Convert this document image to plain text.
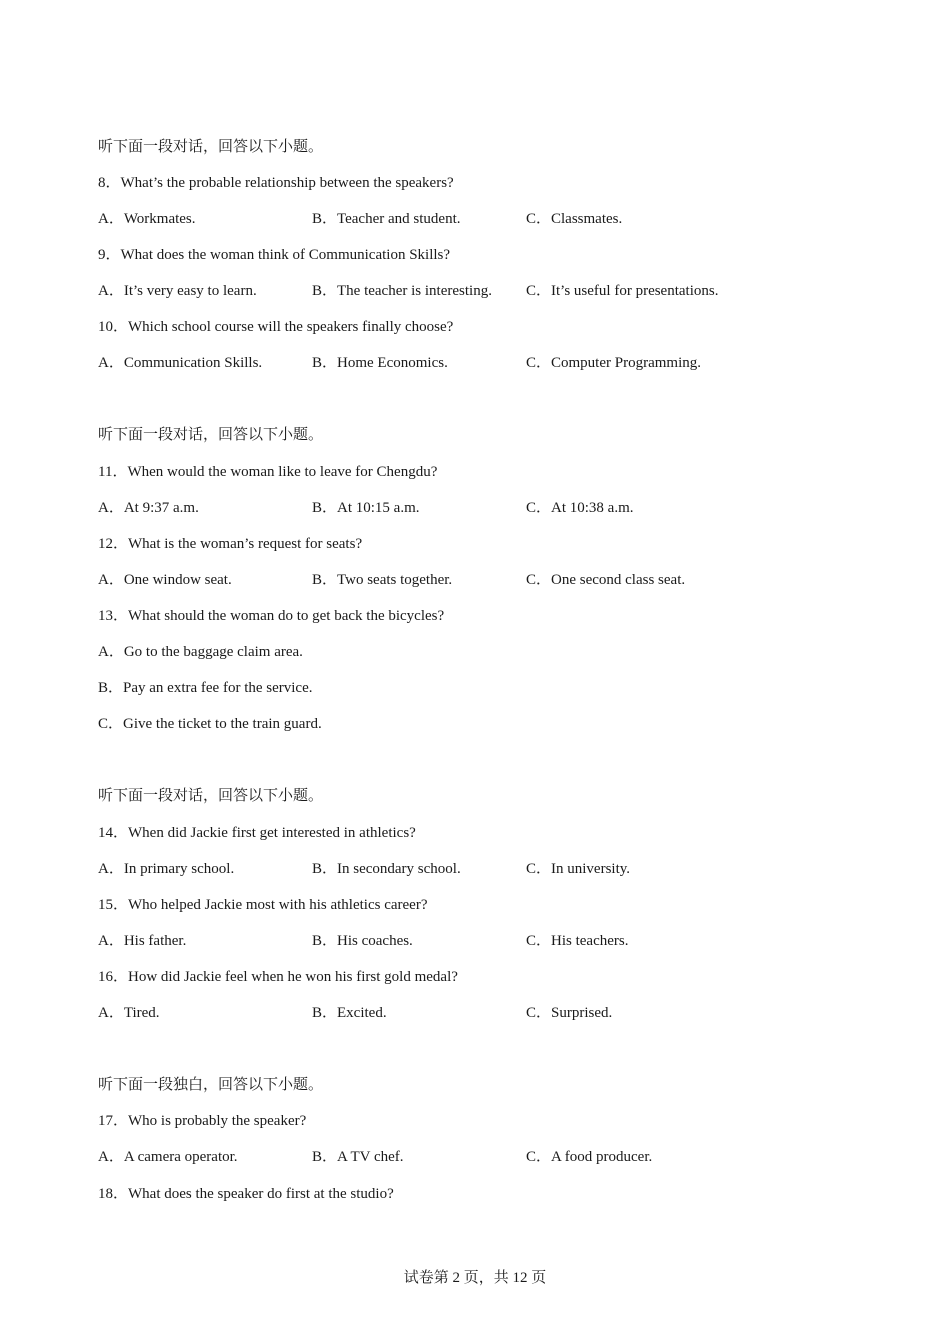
听下面一段对话，回答以下小题。
8．What’s the probable relationship between the speakers?
A．Workmates.	B．Teacher and student.	C．Classmates.
9．What does the woman think of Communication Skills?
A．It’s very easy to learn.	B．The teacher is interesting. C．It’s useful for presentations.
10．Which school course will the speakers finally choose?
A．Communication Skills.	B．Home Economics.	C．Computer Programming.
听下面一段对话，回答以下小题。
11．When would the woman like to leave for Chengdu?
A．At 9:37 a.m.	B．At 10:15 a.m.	C．At 10:38 a.m.
12．What is the woman’s request for seats?
A．One window seat.	B．Two seats together.	C．One second class seat.
13．What should the woman do to get back the bicycles?
A．Go to the baggage claim area.
B．Pay an extra fee for the service.
C．Give the ticket to the train guard.
听下面一段对话，回答以下小题。
14．When did Jackie first get interested in athletics?
A．In primary school.	B．In secondary school.	C．In university.
15．Who helped Jackie most with his athletics career?
A．His father.	B．His coaches.	C．His teachers.
16．How did Jackie feel when he won his first gold medal?
A．Tired.	B．Excited.	C．Surprised.
听下面一段独白，回答以下小题。
17．Who is probably the speaker?
A．A camera operator.	B．A TV chef.	C．A food producer.
18．What does the speaker do first at the studio?
试卷第 2 页，共 12 页
